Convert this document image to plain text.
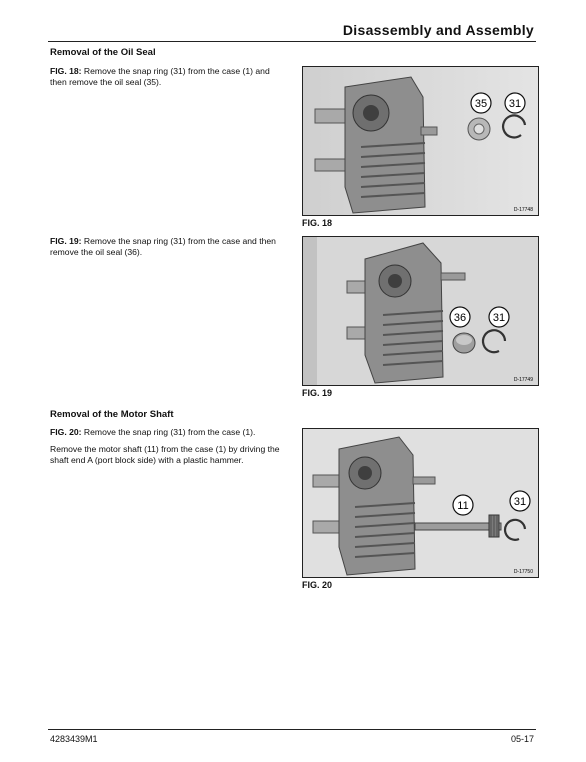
Disassembly and Assembly
Removal of the Oil Seal
FIG. 18: Remove the snap ring (31) from the case (1) and then remove the oil seal (35).
35 31
D-17748
FIG. 18
FIG. 19: Remove the snap ring (31) from the case and then remove the oil seal (36).
36 31
D-17749
FIG. 19
Removal of the Motor Shaft
FIG. 20: Remove the snap ring (31) from the case (1).
Remove the motor shaft (11) from the case (1) by driving the shaft end A (port block side) with a plastic hammer.
11	31
D-17750
FIG. 20
4283439M1	05-17
